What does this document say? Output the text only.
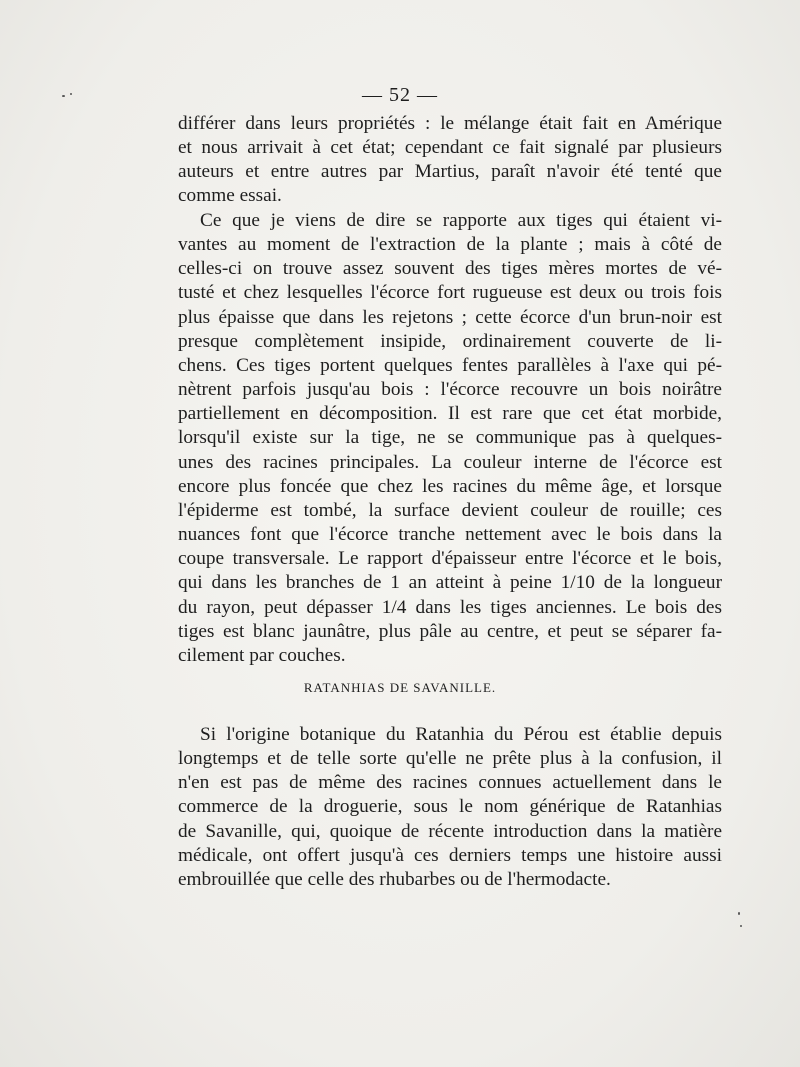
— 52 —
différer dans leurs propriétés : le mélange était fait en Amérique
et nous arrivait à cet état; cependant ce fait signalé par plusieurs
auteurs et entre autres par Martius, paraît n'avoir été tenté que
comme essai.
Ce que je viens de dire se rapporte aux tiges qui étaient vi-
vantes au moment de l'extraction de la plante ; mais à côté de
celles-ci on trouve assez souvent des tiges mères mortes de vé-
tusté et chez lesquelles l'écorce fort rugueuse est deux ou trois fois
plus épaisse que dans les rejetons ; cette écorce d'un brun-noir est
presque complètement insipide, ordinairement couverte de li-
chens. Ces tiges portent quelques fentes parallèles à l'axe qui pé-
nètrent parfois jusqu'au bois : l'écorce recouvre un bois noirâtre
partiellement en décomposition. Il est rare que cet état morbide,
lorsqu'il existe sur la tige, ne se communique pas à quelques-
unes des racines principales. La couleur interne de l'écorce est
encore plus foncée que chez les racines du même âge, et lorsque
l'épiderme est tombé, la surface devient couleur de rouille; ces
nuances font que l'écorce tranche nettement avec le bois dans la
coupe transversale. Le rapport d'épaisseur entre l'écorce et le bois,
qui dans les branches de 1 an atteint à peine 1/10 de la longueur
du rayon, peut dépasser 1/4 dans les tiges anciennes. Le bois des
tiges est blanc jaunâtre, plus pâle au centre, et peut se séparer fa-
cilement par couches.
RATANHIAS DE SAVANILLE.
Si l'origine botanique du Ratanhia du Pérou est établie depuis
longtemps et de telle sorte qu'elle ne prête plus à la confusion, il
n'en est pas de même des racines connues actuellement dans le
commerce de la droguerie, sous le nom générique de Ratanhias
de Savanille, qui, quoique de récente introduction dans la matière
médicale, ont offert jusqu'à ces derniers temps une histoire aussi
embrouillée que celle des rhubarbes ou de l'hermodacte.
